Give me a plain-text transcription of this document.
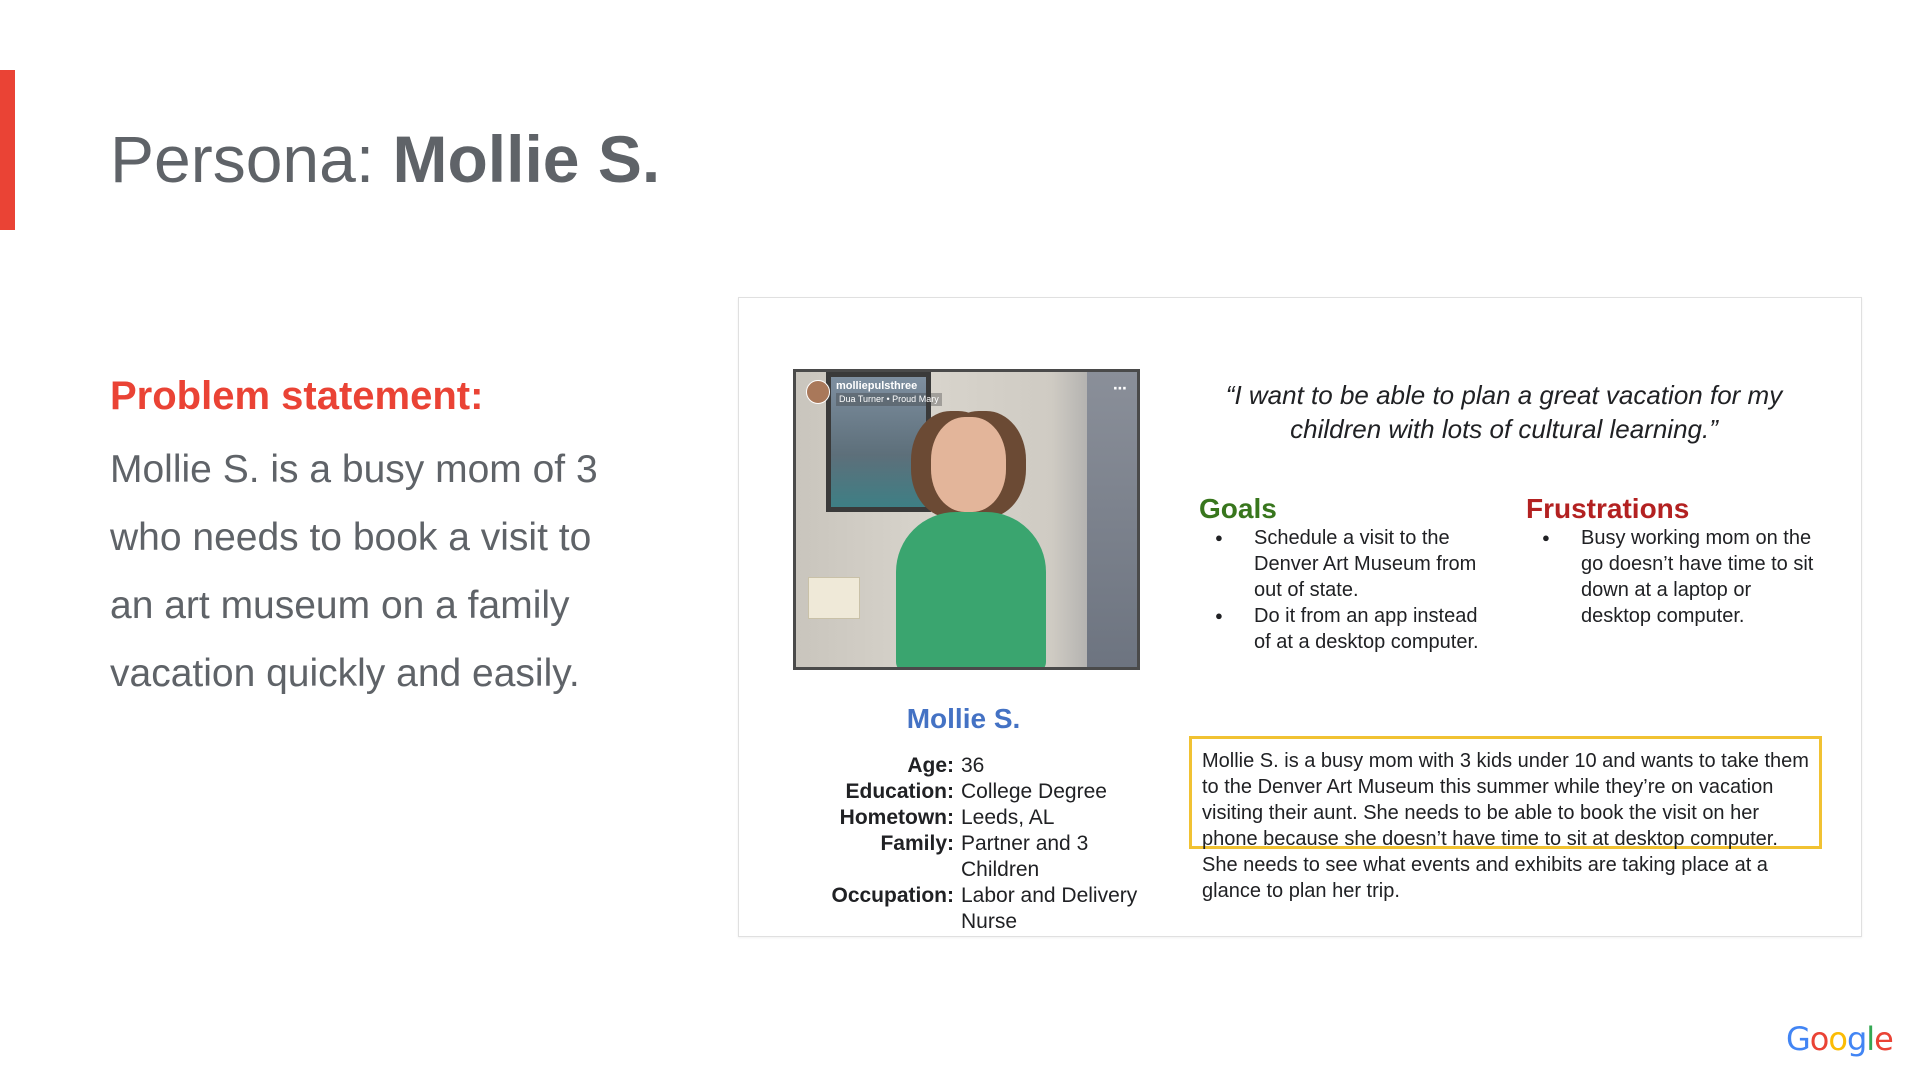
Persona: Mollie S.
Problem statement:
Mollie S. is a busy mom of 3 who needs to book a visit to an art museum on a family vacation quickly and easily.
molliepulsthree
Dua Turner • Proud Mary
⋯
Mollie S.
Age: 36
Education: College Degree
Hometown: Leeds, AL
Family: Partner and 3 Children
Occupation: Labor and Delivery Nurse
“I want to be able to plan a great vacation for my children with lots of cultural learning.”
Goals
● Schedule a visit to the Denver Art Museum from out of state.
● Do it from an app instead of at a desktop computer.
Frustrations
● Busy working mom on the go doesn’t have time to sit down at a laptop or desktop computer.
Mollie S. is a busy mom with 3 kids under 10 and wants to take them to the Denver Art Museum this summer while they’re on vacation visiting their aunt. She needs to be able to book the visit on her phone because she doesn’t have time to sit at desktop computer. She needs to see what events and exhibits are taking place at a glance to plan her trip.
Google
